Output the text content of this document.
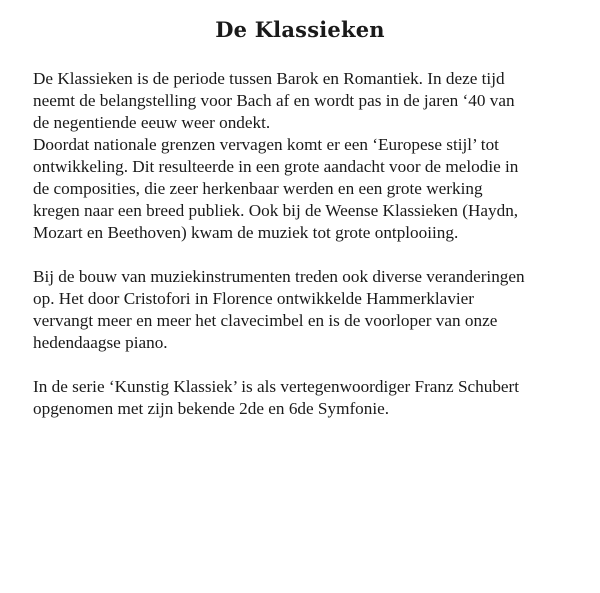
De Klassieken
De Klassieken is de periode tussen Barok en Romantiek. In deze tijd
neemt de belangstelling voor Bach af en wordt pas in de jaren ‘40 van
de negentiende eeuw weer ondekt.
Doordat nationale grenzen vervagen komt er een ‘Europese stijl’ tot
ontwikkeling. Dit resulteerde in een grote aandacht voor de melodie in
de composities, die zeer herkenbaar werden en een grote werking
kregen naar een breed publiek. Ook bij de Weense Klassieken (Haydn,
Mozart en Beethoven) kwam de muziek tot grote ontplooiing.
Bij de bouw van muziekinstrumenten treden ook diverse veranderingen
op. Het door Cristofori in Florence ontwikkelde Hammerklavier
vervangt meer en meer het clavecimbel en is de voorloper van onze
hedendaagse piano.
In de serie ‘Kunstig Klassiek’ is als vertegenwoordiger Franz Schubert
opgenomen met zijn bekende 2de en 6de Symfonie.
